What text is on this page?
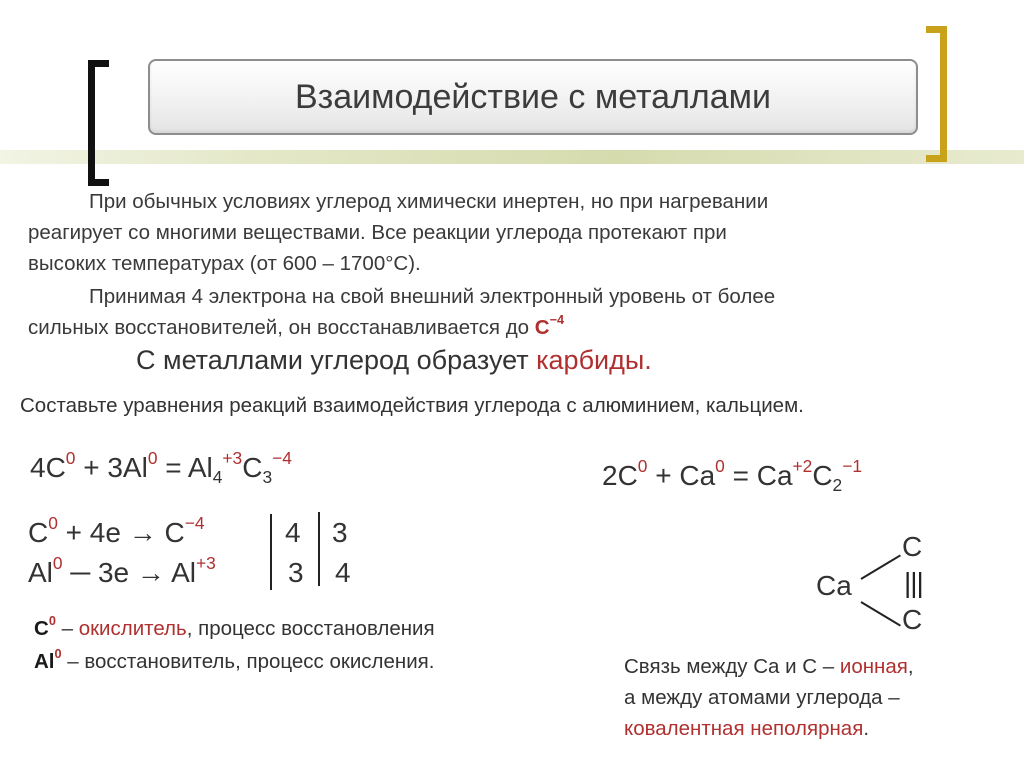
Взаимодействие с металлами
При обычных условиях углерод химически инертен, но при нагревании
реагирует со многими веществами. Все реакции углерода протекают при
высоких температурах (от 600 – 1700°С).
Принимая 4 электрона на свой внешний электронный уровень от более
сильных восстановителей, он восстанавливается до $С^{-4}$
С металлами углерод образует карбиды.
Составьте уравнения реакций взаимодействия углерода с алюминием, кальцием.
$4С^0 + 3Al^0 = Al_4^{+3}C_3^{-4}$
$2C^0 + Ca^0 = Ca^{+2}C_2^{-1}$
$C^0 + 4e \to C^{-4}$
Al$^0$ ─ $3e \to Al^{+3}$
4 3
3 4
$С^0$ – окислитель, процесс восстановления
Al$^0$ – восстановитель, процесс окисления.
Ca
C
C
|||
Связь между Ca и С – ионная,
а между атомами углерода –
ковалентная неполярная.
